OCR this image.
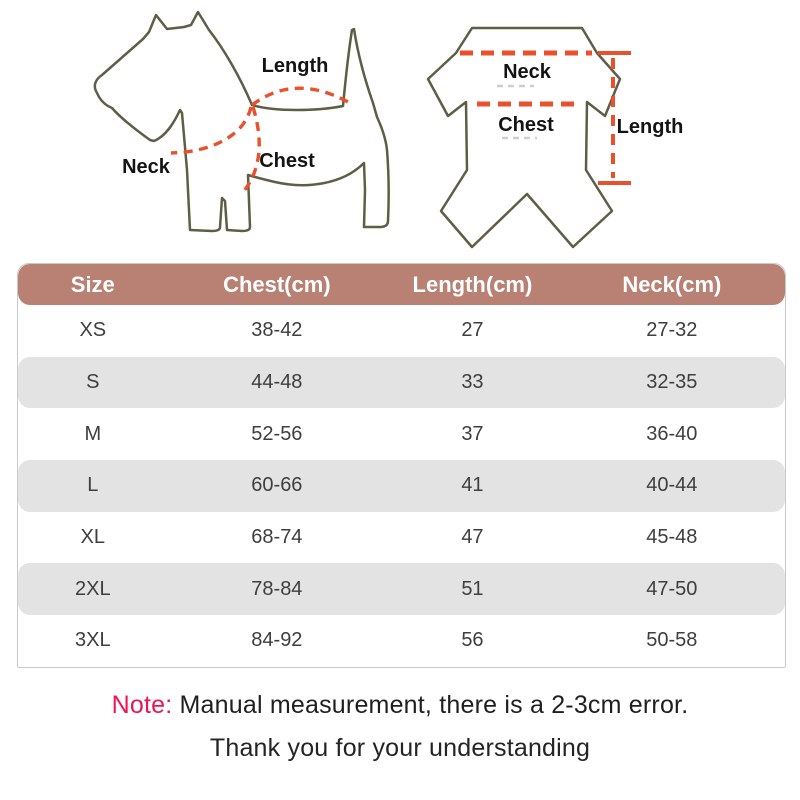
Length
Neck	Chest
Neck
Chest	Length
Size	Chest(cm)	Length(cm)	Neck(cm)
XS	38-42	27	27-32
S	44-48	33	32-35
M	52-56	37	36-40
L	60-66	41	40-44
XL	68-74	47	45-48
2XL	78-84	51	47-50
3XL	84-92	56	50-58
Note: Manual measurement, there is a 2-3cm error.
Thank you for your understanding
